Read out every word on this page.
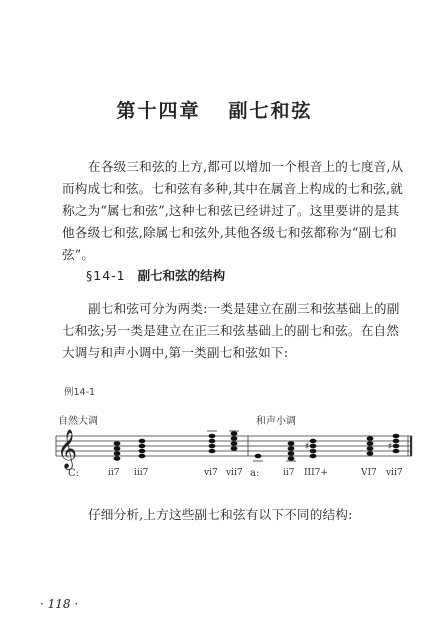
第十四章 副七和弦

在各级三和弦的上方,都可以增加一个根音上的七度音,从而构成七和弦。七和弦有多种,其中在属音上构成的七和弦,就称之为“属七和弦”,这种七和弦已经讲过了。这里要讲的是其他各级七和弦,除属七和弦外,其他各级七和弦都称为“副七和弦”。

§14-1 副七和弦的结构

副七和弦可分为两类:一类是建立在副三和弦基础上的副七和弦;另一类是建立在正三和弦基础上的副七和弦。在自然大调与和声小调中,第一类副七和弦如下:

例14-1
自然大调	和声小调
𝄞	♯	♯
C:	ii7 iii7	vi7 vii7 a:	ii7 III7+	VI7 vii7

仔细分析,上方这些副七和弦有以下不同的结构:

· 118 ·
